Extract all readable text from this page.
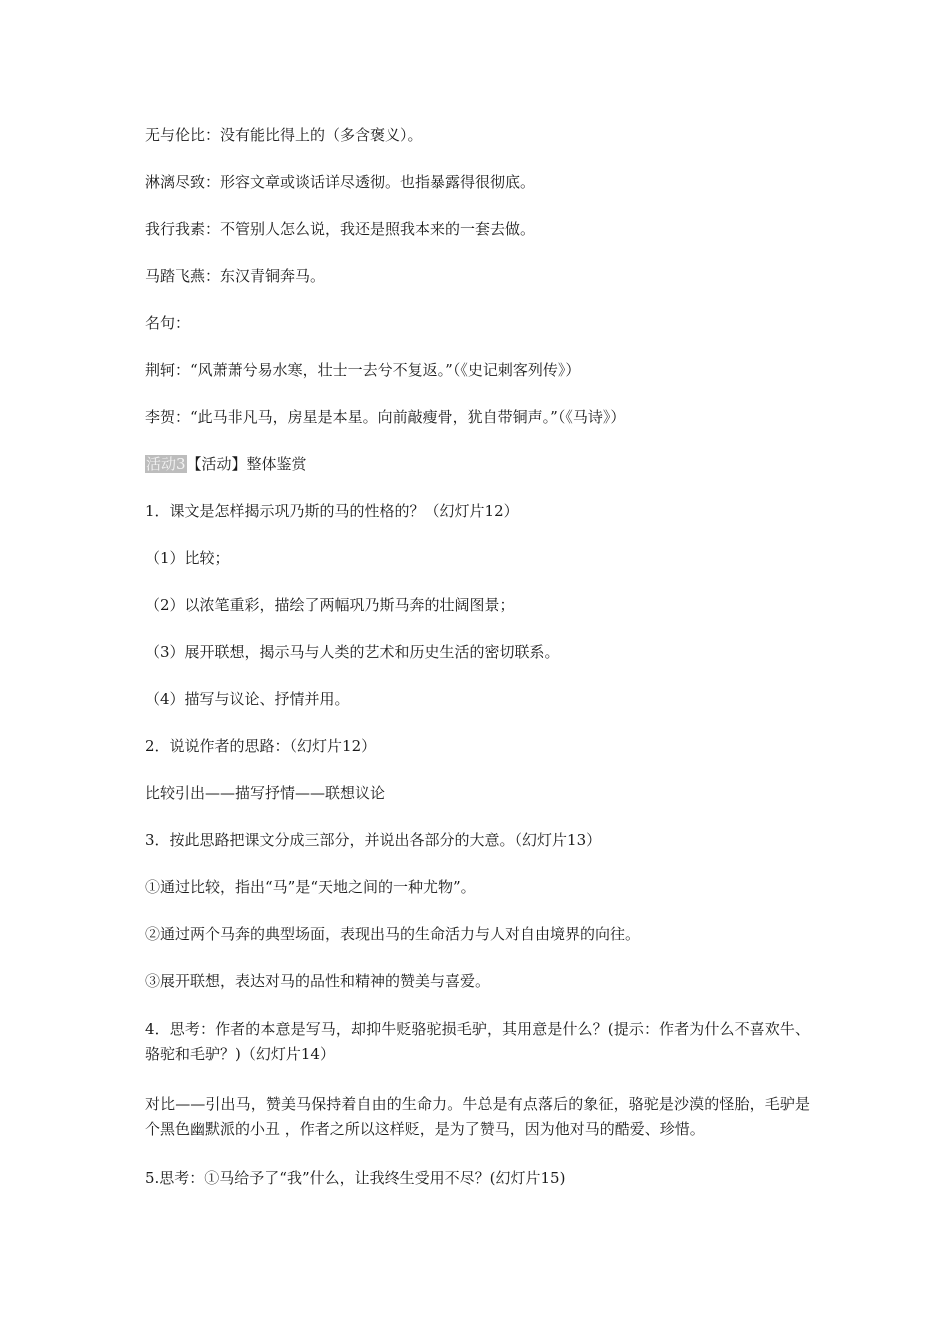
无与伦比：没有能比得上的（多含褒义）。

淋漓尽致：形容文章或谈话详尽透彻。也指暴露得很彻底。

我行我素：不管别人怎么说，我还是照我本来的一套去做。

马踏飞燕：东汉青铜奔马。

名句：

荆轲：“风萧萧兮易水寒，壮士一去兮不复返。”（《史记刺客列传》）

李贺：“此马非凡马，房星是本星。向前敲瘦骨，犹自带铜声。”（《马诗》）

活动3【活动】整体鉴赏

1．课文是怎样揭示巩乃斯的马的性格的？（幻灯片12）

（1）比较；

（2）以浓笔重彩，描绘了两幅巩乃斯马奔的壮阔图景；

（3）展开联想，揭示马与人类的艺术和历史生活的密切联系。

（4）描写与议论、抒情并用。

2．说说作者的思路：（幻灯片12）

比较引出——描写抒情——联想议论

3．按此思路把课文分成三部分，并说出各部分的大意。（幻灯片13）

①通过比较，指出“马”是“天地之间的一种尤物”。

②通过两个马奔的典型场面，表现出马的生命活力与人对自由境界的向往。

③展开联想，表达对马的品性和精神的赞美与喜爱。

4．思考：作者的本意是写马，却抑牛贬骆驼损毛驴，其用意是什么？(提示：作者为什么不喜欢牛、骆驼和毛驴？)（幻灯片14）

对比——引出马，赞美马保持着自由的生命力。牛总是有点落后的象征，骆驼是沙漠的怪胎，毛驴是个黑色幽默派的小丑 ，作者之所以这样贬，是为了赞马，因为他对马的酷爱、珍惜。

5.思考：①马给予了“我”什么，让我终生受用不尽？(幻灯片15)
